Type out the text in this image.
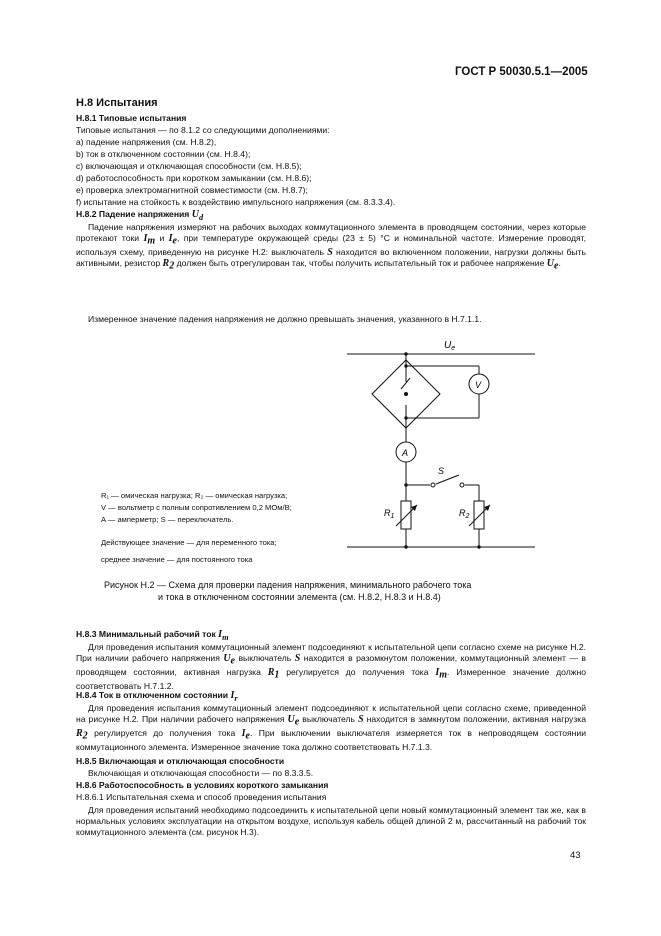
ГОСТ Р 50030.5.1—2005
Н.8 Испытания
Н.8.1 Типовые испытания
Типовые испытания — по 8.1.2 со следующими дополнениями:
a) падение напряжения (см. Н.8.2),
b) ток в отключенном состоянии (см. Н.8.4);
c) включающая и отключающая способности (см. Н.8.5);
d) работоспособность при коротком замыкании (см. Н.8.6);
e) проверка электромагнитной совместимости (см. Н.8.7);
f) испытание на стойкость к воздействию импульсного напряжения (см. 8.3.3.4).
Н.8.2 Падение напряжения $U_d$

Падение напряжения измеряют на рабочих выходах коммутационного элемента в проводящем состоянии, через которые протекают токи $I_m$ и $I_e$, при температуре окружающей среды (23 ± 5) °С и номинальной частоте. Измерение проводят, используя схему, приведенную на рисунке Н.2: выключатель S находится во включенном положении, нагрузки должны быть активными, резистор $R_2$ должен быть отрегулирован так, чтобы получить испытательный ток и рабочее напряжение $U_e$.

Измеренное значение падения напряжения не должно превышать значения, указанного в Н.7.1.1.

$U_e$
V
A
S
$R_1$	$R_2$
R₁ — омическая нагрузка; R₂ — омическая нагрузка;
V — вольтметр с полным сопротивлением 0,2 МОм/В;
A — амперметр; S — переключатель.
Действующее значение — для переменного тока;
среднее значение — для постоянного тока
Рисунок Н.2 — Схема для проверки падения напряжения, минимального рабочего тока
и тока в отключенном состоянии элемента (см. Н.8.2, Н.8.3 и Н.8.4)
Н.8.3 Минимальный рабочий ток $I_m$

Для проведения испытания коммутационный элемент подсоединяют к испытательной цепи согласно схеме на рисунке Н.2. При наличии рабочего напряжения $U_e$ выключатель S находится в разомкнутом положении, коммутационный элемент — в проводящем состоянии, активная нагрузка $R_1$ регулируется до получения тока $I_m$. Измеренное значение должно соответствовать Н.7.1.2.

Н.8.4 Ток в отключенном состоянии $I_r$

Для проведения испытания коммутационный элемент подсоединяют к испытательной цепи согласно схеме, приведенной на рисунке Н.2. При наличии рабочего напряжения $U_e$ выключатель S находится в замкнутом положении, активная нагрузка $R_2$ регулируется до получения тока $I_e$. При выключении выключателя измеряется ток в непроводящем состоянии коммутационного элемента. Измеренное значение тока должно соответствовать Н.7.1.3.

Н.8.5 Включающая и отключающая способности
Включающая и отключающая способности — по 8.3.3.5.
Н.8.6 Работоспособность в условиях короткого замыкания
Н.8.6.1 Испытательная схема и способ проведения испытания

Для проведения испытаний необходимо подсоединить к испытательной цепи новый коммутационный элемент так же, как в нормальных условиях эксплуатации на открытом воздухе, используя кабель общей длиной 2 м, рассчитанный на рабочий ток коммутационного элемента (см. рисунок Н.3).

43
